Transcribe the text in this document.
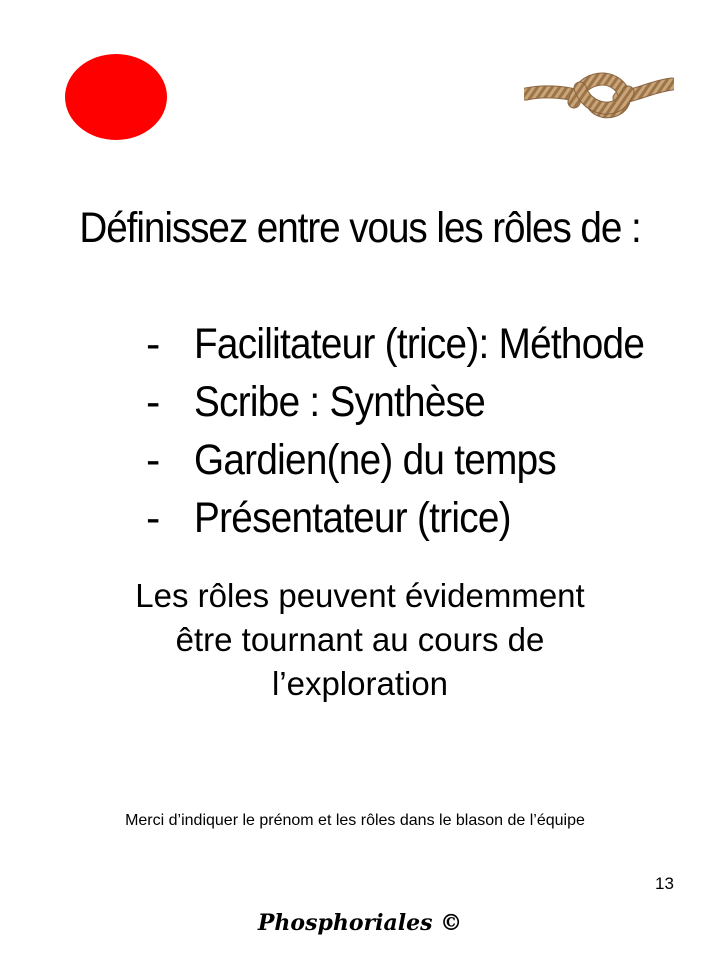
Définissez entre vous les rôles de :
- Facilitateur (trice): Méthode
- Scribe : Synthèse
- Gardien(ne) du temps
- Présentateur (trice)
Les rôles peuvent évidemment
être tournant au cours de
l’exploration
Merci d’indiquer le prénom et les rôles dans le blason de l’équipe
13
Phosphoriales ©
